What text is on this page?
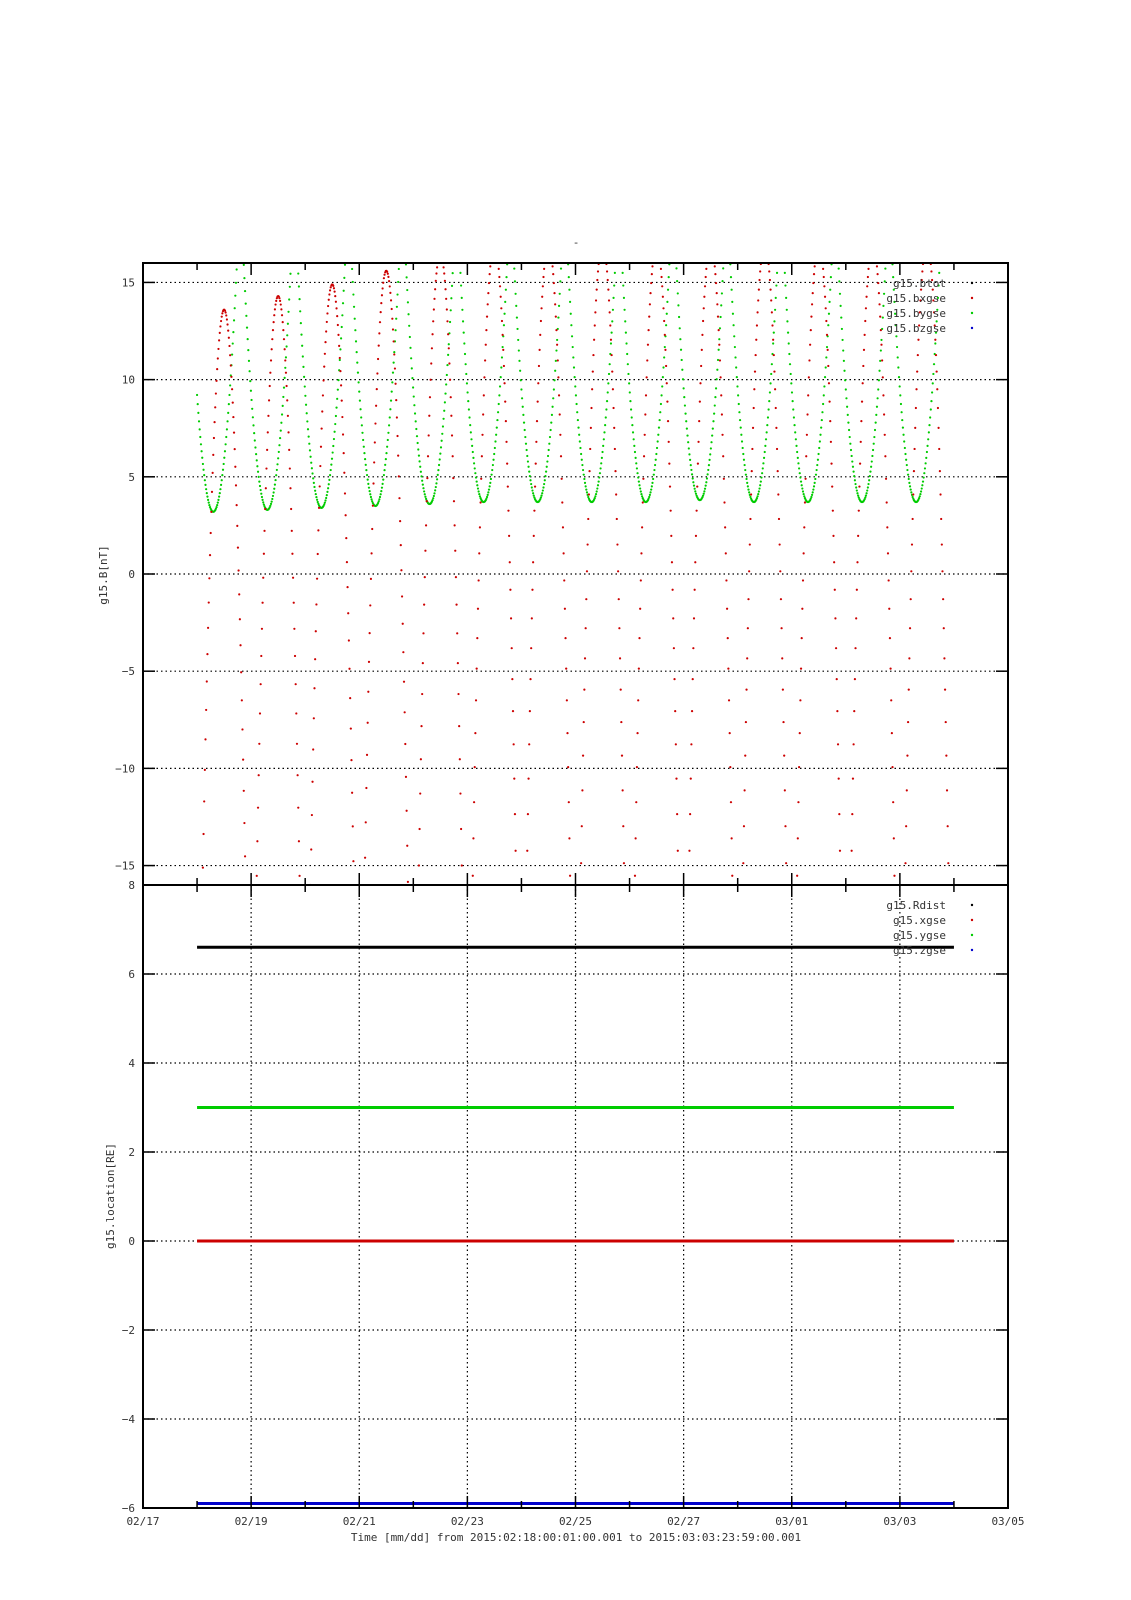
-
−15
−10
−5
0
5
10
15
g15.B[nT]
g15.btot
g15.bxgse
g15.bygse
g15.bzgse
−6
−4
−2
0
2
4
6
8
g15.location[RE]
g15.Rdist
g15.xgse
g15.ygse
g15.zgse
02/17	02/19	02/21	02/23	02/25	02/27	03/01	03/03	03/05
Time [mm/dd] from 2015:02:18:00:01:00.001 to 2015:03:03:23:59:00.001
